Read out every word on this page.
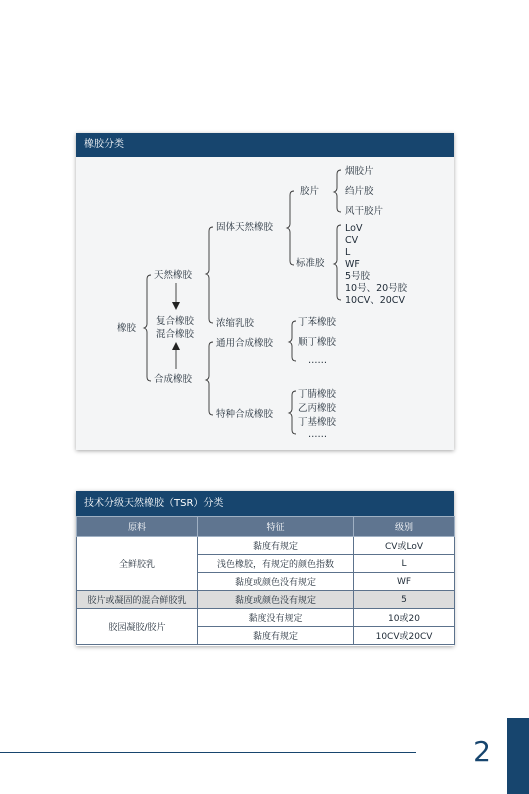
橡胶
天然橡胶
复合橡胶
混合橡胶
合成橡胶
固体天然橡胶
浓缩乳胶
通用合成橡胶
特种合成橡胶
胶片
标准胶
烟胶片
绉片胶
风干胶片
LoV
CV
L
WF
5号胶
10号、20号胶
10CV、20CV
丁苯橡胶
顺丁橡胶
……
丁腈橡胶
乙丙橡胶
丁基橡胶
……
橡胶分类
技术分级天然橡胶（TSR）分类
原料	特征	级别
全鲜胶乳	黏度有规定	CV或LoV
	浅色橡胶，有规定的颜色指数	L
	黏度或颜色没有规定	WF
胶片或凝固的混合鲜胶乳	黏度或颜色没有规定	5
胶园凝胶/胶片	黏度没有规定	10或20
	黏度有规定	10CV或20CV
2
